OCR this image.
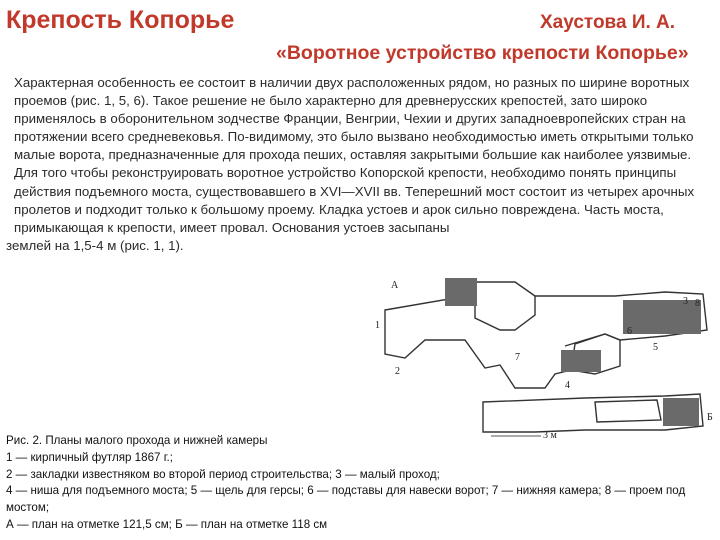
Крепость Копорье	Хаустова И. А.
«Воротное устройство крепости Копорье»

Характерная особенность ее состоит в наличии двух расположенных рядом, но разных по ширине воротных проемов (рис. 1, 5, 6). Такое решение не было характерно для древнерусских крепостей, зато широко применялось в оборонительном зодчестве Франции, Венгрии, Чехии и других западноевропейских стран на протяжении всего средневековья. По-видимому, это было вызвано необходимостью иметь открытыми только малые ворота, предназначенные для прохода пеших, оставляя закрытыми большие как наиболее уязвимые.

Для того чтобы реконструировать воротное устройство Копорской крепости, необходимо понять принципы действия подъемного моста, существовавшего в XVI—XVII вв. Теперешний мост состоит из четырех арочных пролетов и подходит только к большому проему. Кладка устоев и арок сильно повреждена. Часть моста, примыкающая к крепости, имеет провал. Основания устоев засыпаны

землей на 1,5-4 м (рис. 1, 1).

А
Б
1
2
3
4
5
6
7
8
3 м

Рис. 2. Планы малого прохода и нижней камеры

1 — кирпичный футляр 1867 г.;

2 — закладки известняком во второй период строительства; 3 — малый проход;

4 — ниша для подъемного моста; 5 — щель для герсы; 6 — подставы для навески ворот; 7 — нижняя камера; 8 — проем под мостом;

А — план на отметке 121,5 см; Б — план на отметке 118 см
